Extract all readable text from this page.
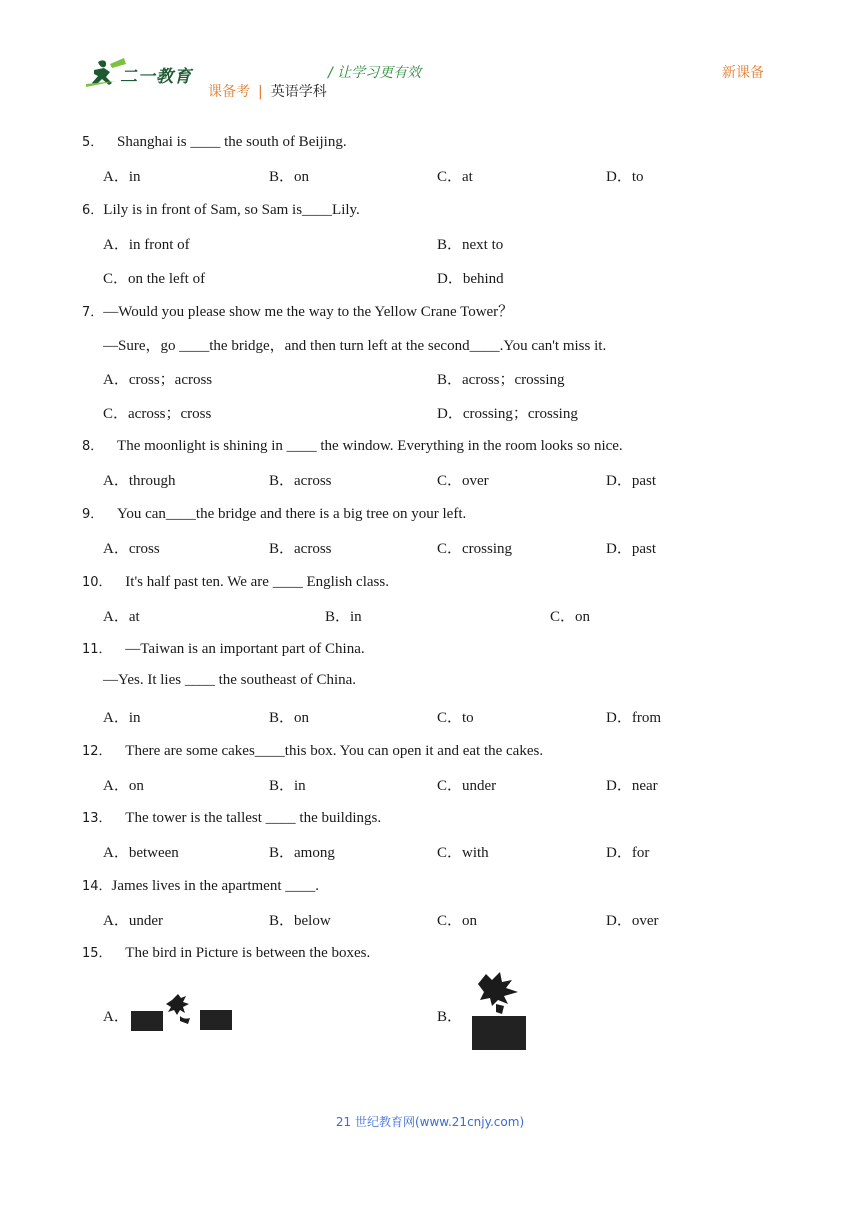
二一教育	/ 让学习更有效	新课备
课备考 | 英语学科
5． Shanghai is ____ the south of Beijing.
A．in	B．on	C．at	D．to
6．Lily is in front of Sam, so Sam is____Lily.
A．in front of	B．next to
C．on the left of	D．behind
7．—Would you please show me the way to the Yellow Crane Tower？
—Sure，go ____the bridge，and then turn left at the second____.You can't miss it.
A．cross；across	B．across；crossing
C．across；cross	D．crossing；crossing
8． The moonlight is shining in ____ the window. Everything in the room looks so nice.
A．through	B．across	C．over	D．past
9． You can____the bridge and there is a big tree on your left.
A．cross	B．across	C．crossing	D．past
10． It's half past ten. We are ____ English class.
A．at	B．in	C．on
11． —Taiwan is an important part of China.
—Yes. It lies ____ the southeast of China.
A．in	B．on	C．to	D．from
12． There are some cakes____this box. You can open it and eat the cakes.
A．on	B．in	C．under	D．near
13． The tower is the tallest ____ the buildings.
A．between	B．among	C．with	D．for
14．James lives in the apartment ____.
A．under	B．below	C．on	D．over
15． The bird in Picture is between the boxes.
A．	B．
21 世纪教育网(www.21cnjy.com)
